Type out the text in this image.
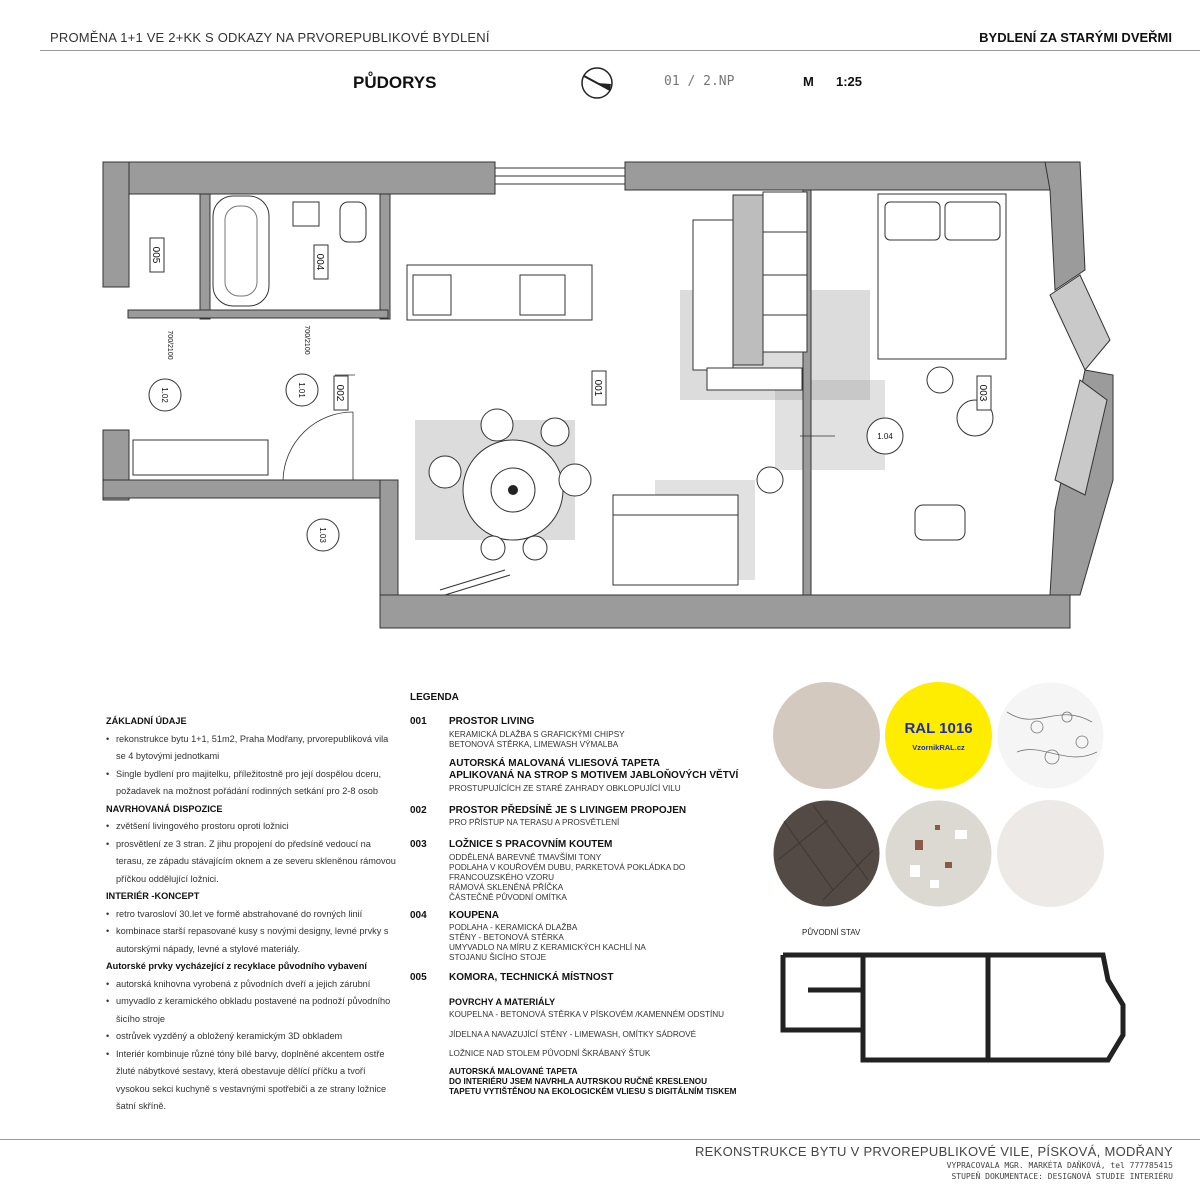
PROMĚNA 1+1 VE 2+KK S ODKAZY NA PRVOREPUBLIKOVÉ BYDLENÍ	BYDLENÍ ZA STARÝMI DVEŘMI
PŮDORYS	01 / 2.NP	M 1:25
005	004
002	001	003
1.02
700/2100
1.01
700/2100
1.03
1.04
ZÁKLADNÍ ÚDAJE
• rekonstrukce bytu 1+1, 51m2, Praha Modřany, prvorepubliková vila se 4 bytovými jednotkami
• Single bydlení pro majitelku, příležitostně pro její dospělou dceru, požadavek na možnost pořádání rodinných setkání pro 2-8 osob
NAVRHOVANÁ DISPOZICE
• zvětšení livingového prostoru oproti ložnici
• prosvětlení ze 3 stran. Z jihu propojení do předsíně vedoucí na terasu, ze západu stávajícím oknem a ze severu skleněnou rámovou příčkou oddělující ložnici.
INTERIÉR -KONCEPT
• retro tvarosloví 30.let ve formě abstrahované do rovných linií
• kombinace starší repasované kusy s novými designy, levné prvky s autorskými nápady, levné a stylové materiály.
Autorské prvky vycházející z recyklace původního vybavení
• autorská knihovna vyrobená z původních dveří a jejich zárubní
• umyvadlo z keramického obkladu postavené na podnoží původního šicího stroje
• ostrůvek vyzděný a obložený keramickým 3D obkladem
• Interiér kombinuje různé tóny bílé barvy, doplněné akcentem ostře žluté nábytkové sestavy, která obestavuje dělící příčku a tvoří vysokou sekci kuchyně s vestavnými spotřebiči a ze strany ložnice šatní skříně.
LEGENDA
001 PROSTOR LIVING
KERAMICKÁ DLAŽBA S GRAFICKÝMI CHIPSY
BETONOVÁ STĚRKA, LIMEWASH VÝMALBA
AUTORSKÁ MALOVANÁ VLIESOVÁ TAPETA
APLIKOVANÁ NA STROP S MOTIVEM JABLOŇOVÝCH VĚTVÍ
PROSTUPUJÍCÍCH ZE STARÉ ZAHRADY OBKLOPUJÍCÍ VILU
002 PROSTOR PŘEDSÍNĚ JE S LIVINGEM PROPOJEN
PRO PŘÍSTUP NA TERASU A PROSVĚTLENÍ
003 LOŽNICE S PRACOVNÍM KOUTEM
ODDĚLENÁ BAREVNĚ TMAVŠÍMI TONY
PODLAHA V KOUŘOVÉM DUBU, PARKETOVÁ POKLÁDKA DO
FRANCOUZSKÉHO VZORU
RÁMOVÁ SKLENĚNÁ PŘÍČKA
ČÁSTEČNĚ PŮVODNÍ OMÍTKA
004 KOUPENA
PODLAHA - KERAMICKÁ DLAŽBA
STĚNY - BETONOVÁ STĚRKA
UMYVADLO NA MÍRU Z KERAMICKÝCH KACHLÍ NA
STOJANU ŠICÍHO STOJE
005 KOMORA, TECHNICKÁ MÍSTNOST
POVRCHY A MATERIÁLY
KOUPELNA - BETONOVÁ STĚRKA V PÍSKOVÉM /KAMENNÉM ODSTÍNU
JÍDELNA A NAVAZUJÍCÍ STĚNY - LIMEWASH, OMÍTKY SÁDROVÉ
LOŽNICE NAD STOLEM PŮVODNÍ ŠKRÁBANÝ ŠTUK
AUTORSKÁ MALOVANÉ TAPETA
DO INTERIÉRU JSEM NAVRHLA AUTRSKOU RUČNĚ KRESLENOU
TAPETU VYTIŠTĚNOU NA EKOLOGICKÉM VLIESU S DIGITÁLNÍM TISKEM
RAL 1016
VzornikRAL.cz
PŮVODNÍ STAV
REKONSTRUKCE BYTU V PRVOREPUBLIKOVÉ VILE, PÍSKOVÁ, MODŘANY
VYPRACOVALA MGR. MARKÉTA DAŇKOVÁ, tel 777785415
STUPEŇ DOKUMENTACE: DESIGNOVÁ STUDIE INTERIÉRU
